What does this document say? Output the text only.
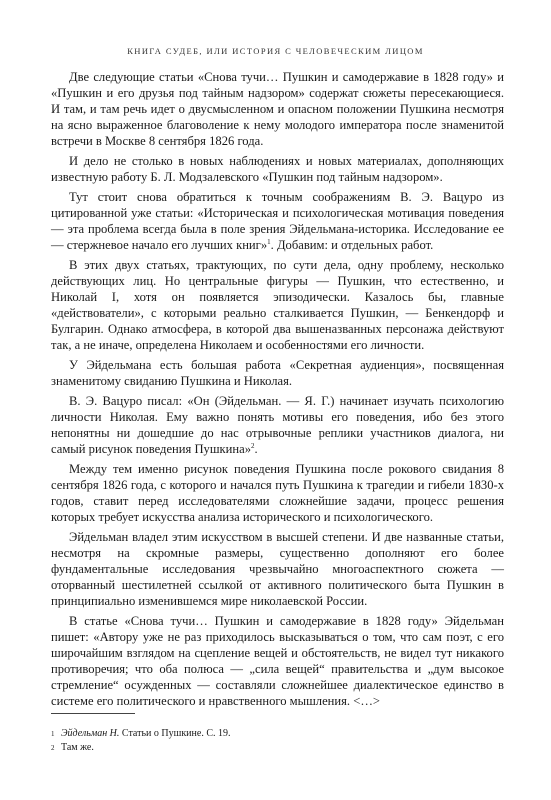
КНИГА СУДЕБ, ИЛИ ИСТОРИЯ С ЧЕЛОВЕЧЕСКИМ ЛИЦОМ

Две следующие статьи «Снова тучи… Пушкин и самодержавие в 1828 году» и «Пушкин и его друзья под тайным надзором» содержат сюжеты пересекающиеся. И там, и там речь идет о двусмысленном и опасном положении Пушкина несмотря на ясно выраженное благоволение к нему молодого императора после знаменитой встречи в Москве 8 сентября 1826 года.

И дело не столько в новых наблюдениях и новых материалах, дополняющих известную работу Б. Л. Модзалевского «Пушкин под тайным надзором».

Тут стоит снова обратиться к точным соображениям В. Э. Вацуро из цитированной уже статьи: «Историческая и психологическая мотивация поведения — эта проблема всегда была в поле зрения Эйдельмана-историка. Исследование ее — стержневое начало его лучших книг»$^1$. Добавим: и отдельных работ.

В этих двух статьях, трактующих, по сути дела, одну проблему, несколько действующих лиц. Но центральные фигуры — Пушкин, что естественно, и Николай I, хотя он появляется эпизодически. Казалось бы, главные «действователи», с которыми реально сталкивается Пушкин, — Бенкендорф и Булгарин. Однако атмосфера, в которой два вышеназванных персонажа действуют так, а не иначе, определена Николаем и особенностями его личности.

У Эйдельмана есть большая работа «Секретная аудиенция», посвященная знаменитому свиданию Пушкина и Николая.

В. Э. Вацуро писал: «Он (Эйдельман. — Я. Г.) начинает изучать психологию личности Николая. Ему важно понять мотивы его поведения, ибо без этого непонятны ни дошедшие до нас отрывочные реплики участников диалога, ни самый рисунок поведения Пушкина»$^2$.

Между тем именно рисунок поведения Пушкина после рокового свидания 8 сентября 1826 года, с которого и начался путь Пушкина к трагедии и гибели 1830-х годов, ставит перед исследователями сложнейшие задачи, процесс решения которых требует искусства анализа исторического и психологического.

Эйдельман владел этим искусством в высшей степени. И две названные статьи, несмотря на скромные размеры, существенно дополняют его более фундаментальные исследования чрезвычайно многоаспектного сюжета — оторванный шестилетней ссылкой от активного политического быта Пушкин в принципиально изменившемся мире николаевской России.

В статье «Снова тучи… Пушкин и самодержавие в 1828 году» Эйдельман пишет: «Автору уже не раз приходилось высказываться о том, что сам поэт, с его широчайшим взглядом на сцепление вещей и обстоятельств, не видел тут никакого противоречия; что оба полюса — „сила вещей“ правительства и „дум высокое стремление“ осужденных — составляли сложнейшее диалектическое единство в системе его политического и нравственного мышления. <…>

1 Эйдельман Н. Статьи о Пушкине. С. 19.

2 Там же.
